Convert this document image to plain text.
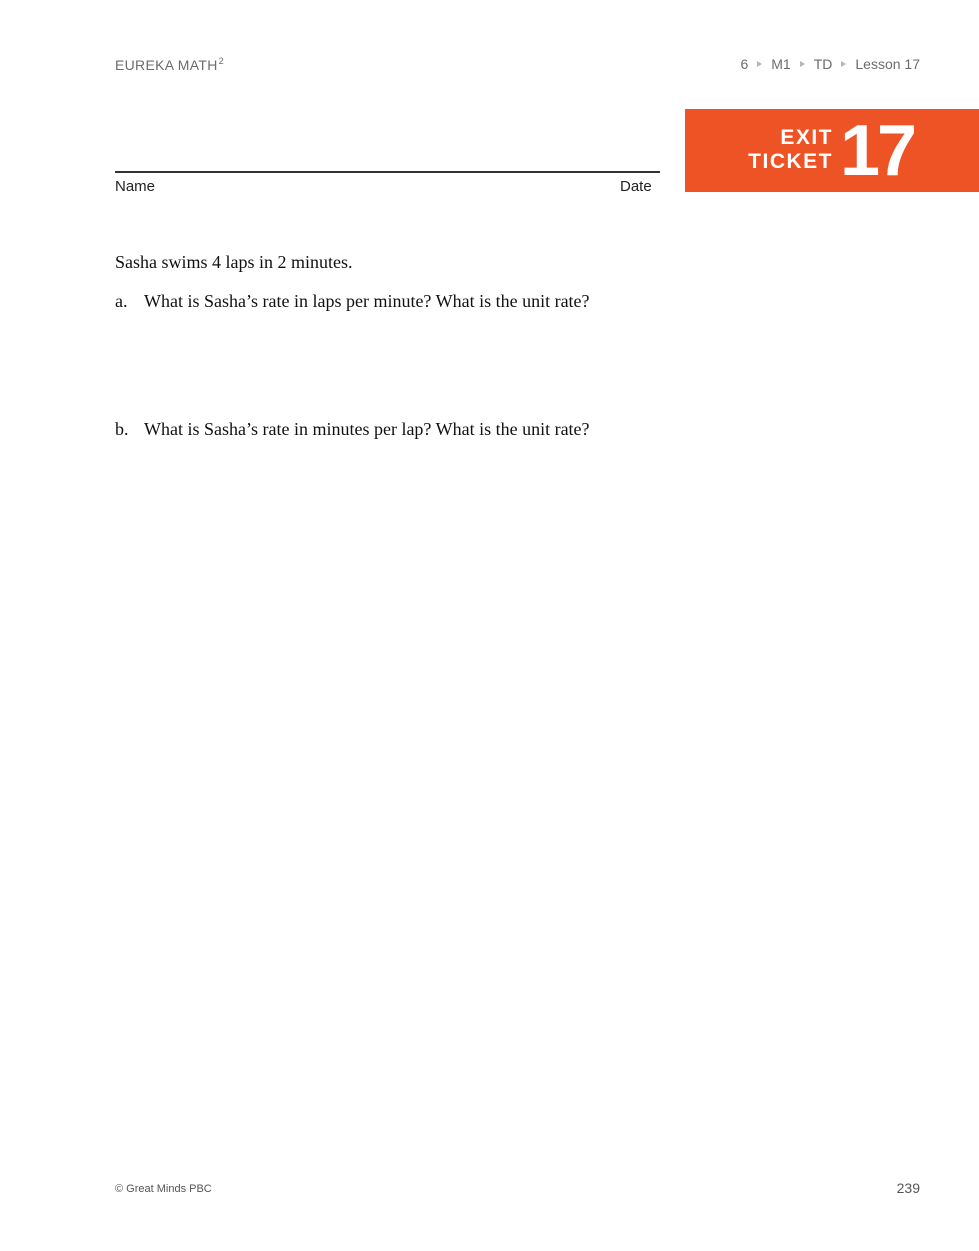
EUREKA MATH$^2$	6 M1 TD Lesson 17
EXIT
TICKET 17
Name	Date
Sasha swims 4 laps in 2 minutes.
a. What is Sasha’s rate in laps per minute? What is the unit rate?
b. What is Sasha’s rate in minutes per lap? What is the unit rate?
© Great Minds PBC	239
